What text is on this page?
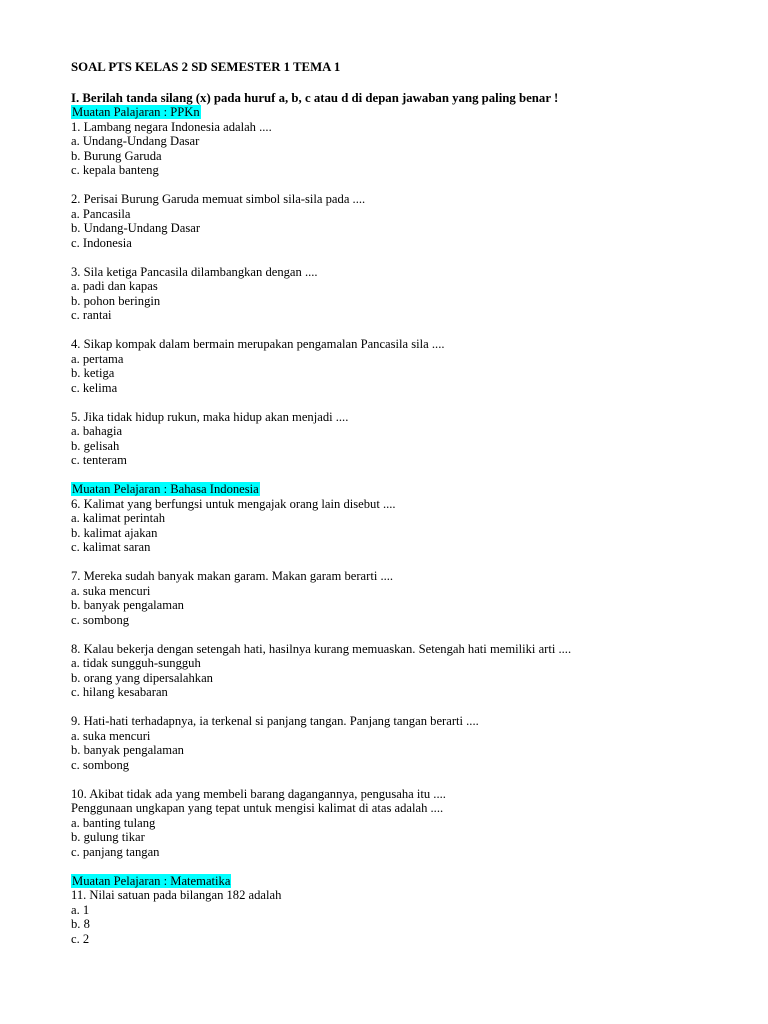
SOAL PTS KELAS 2 SD SEMESTER 1 TEMA 1
I. Berilah tanda silang (x) pada huruf a, b, c atau d di depan jawaban yang paling benar !
Muatan Palajaran : PPKn
1. Lambang negara Indonesia adalah ....
a. Undang-Undang Dasar
b. Burung Garuda
c. kepala banteng
2. Perisai Burung Garuda memuat simbol sila-sila pada ....
a. Pancasila
b. Undang-Undang Dasar
c. Indonesia
3. Sila ketiga Pancasila dilambangkan dengan ....
a. padi dan kapas
b. pohon beringin
c. rantai
4. Sikap kompak dalam bermain merupakan pengamalan Pancasila sila ....
a. pertama
b. ketiga
c. kelima
5. Jika tidak hidup rukun, maka hidup akan menjadi ....
a. bahagia
b. gelisah
c. tenteram
Muatan Pelajaran : Bahasa Indonesia
6. Kalimat yang berfungsi untuk mengajak orang lain disebut ....
a. kalimat perintah
b. kalimat ajakan
c. kalimat saran
7. Mereka sudah banyak makan garam. Makan garam berarti ....
a. suka mencuri
b. banyak pengalaman
c. sombong
8. Kalau bekerja dengan setengah hati, hasilnya kurang memuaskan. Setengah hati memiliki arti ....
a. tidak sungguh-sungguh
b. orang yang dipersalahkan
c. hilang kesabaran
9. Hati-hati terhadapnya, ia terkenal si panjang tangan. Panjang tangan berarti ....
a. suka mencuri
b. banyak pengalaman
c. sombong
10. Akibat tidak ada yang membeli barang dagangannya, pengusaha itu ....
Penggunaan ungkapan yang tepat untuk mengisi kalimat di atas adalah ....
a. banting tulang
b. gulung tikar
c. panjang tangan
Muatan Pelajaran : Matematika
11. Nilai satuan pada bilangan 182 adalah
a. 1
b. 8
c. 2
